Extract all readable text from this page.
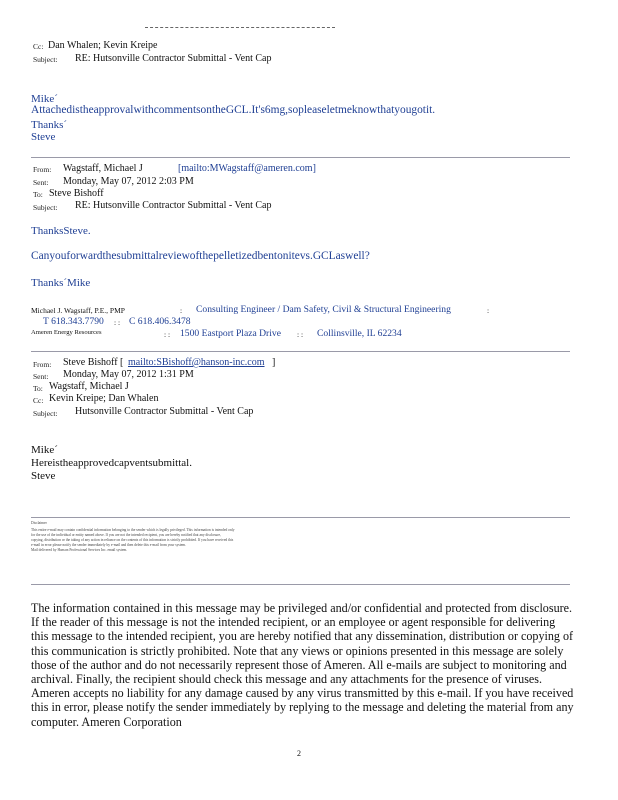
Cc: Dan Whalen; Kevin Kreipe
Subject: RE: Hutsonville Contractor Submittal - Vent Cap
Mike´
AttachedistheapprovalwithcommentsontheGCL.It's6mg,sopleaseletmeknowthatyougotit.
Thanks´
Steve
From: Wagstaff, Michael J	[mailto:MWagstaff@ameren.com]
Sent: Monday, May 07, 2012 2:03 PM
To: Steve Bishoff
Subject: RE: Hutsonville Contractor Submittal - Vent Cap
ThanksSteve.
Canyouforwardthesubmittalreviewofthepelletizedbentonitevs.GCLaswell?
Thanks´Mike
Michael J. Wagstaff, P.E., PMP	: Consulting Engineer / Dam Safety, Civil & Structural Engineering	:
T 618.343.7790 : : C 618.406.3478
Ameren Energy Resources	: : 1500 Eastport Plaza Drive : : Collinsville, IL 62234
From: Steve Bishoff [ mailto:SBishoff@hanson-inc.com ]
Sent: Monday, May 07, 2012 1:31 PM
To: Wagstaff, Michael J
Cc: Kevin Kreipe; Dan Whalen
Subject: Hutsonville Contractor Submittal - Vent Cap
Mike´
Hereistheapprovedcapventsubmittal.
Steve
Disclaimer
This entire e-mail may contain confidential information belonging to the sender which is legally privileged. This information is intended only
for the use of the individual or entity named above. If you are not the intended recipient, you are hereby notified that any disclosure,
copying, distribution or the taking of any action in reliance on the contents of this information is strictly prohibited. If you have received this
e-mail in error please notify the sender immediately by e-mail and then delete this e-mail from your system.
Mail delivered by Hanson Professional Services Inc. email system.
The information contained in this message may be privileged and/or confidential and protected from disclosure.
If the reader of this message is not the intended recipient, or an employee or agent responsible for delivering
this message to the intended recipient, you are hereby notified that any dissemination, distribution or copying of
this communication is strictly prohibited. Note that any views or opinions presented in this message are solely
those of the author and do not necessarily represent those of Ameren. All e-mails are subject to monitoring and
archival. Finally, the recipient should check this message and any attachments for the presence of viruses.
Ameren accepts no liability for any damage caused by any virus transmitted by this e-mail. If you have received
this in error, please notify the sender immediately by replying to the message and deleting the material from any
computer. Ameren Corporation
2
